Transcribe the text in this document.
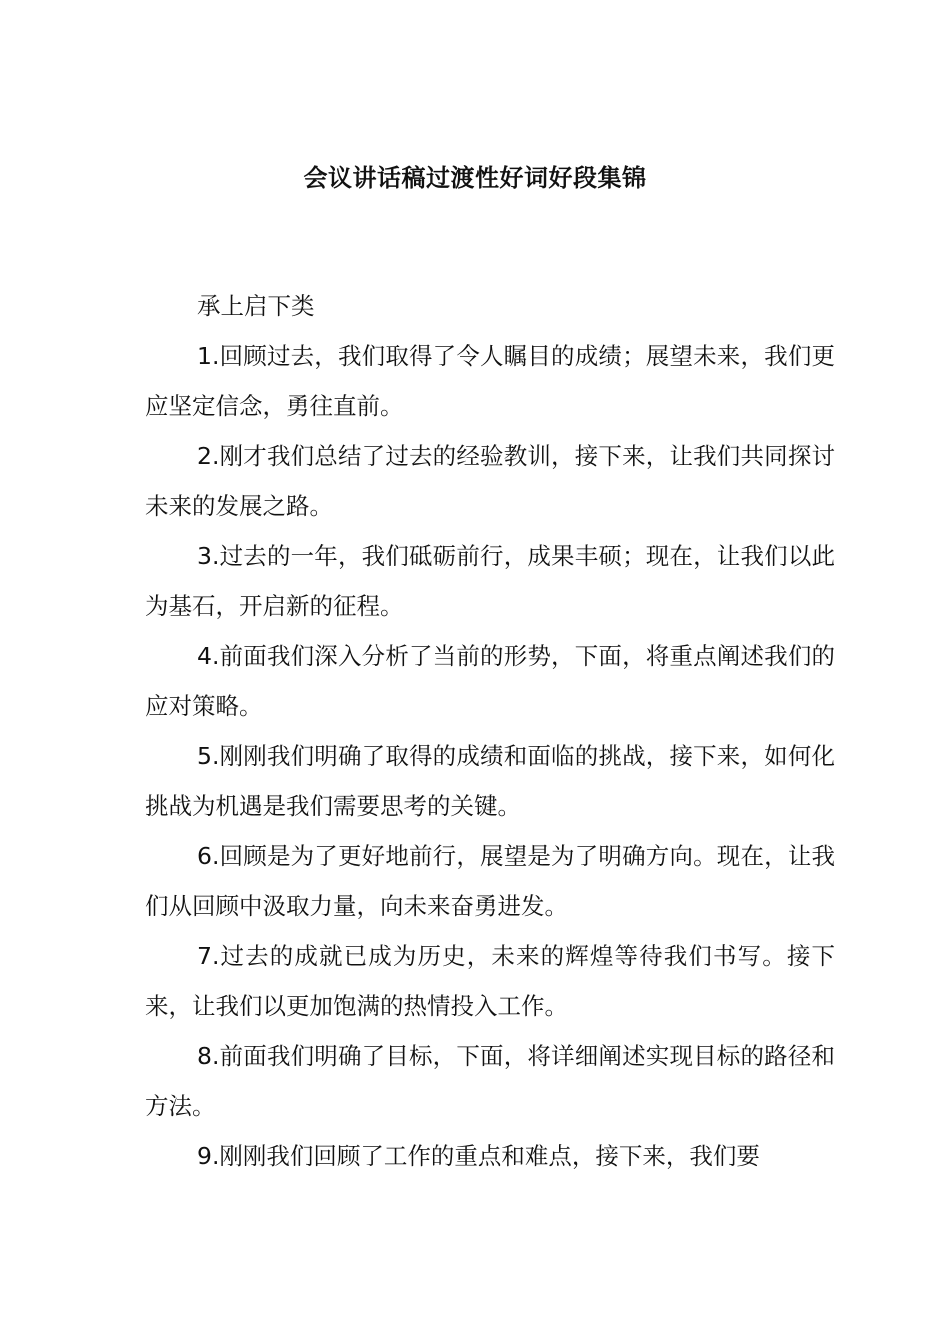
会议讲话稿过渡性好词好段集锦

承上启下类

1.回顾过去，我们取得了令人瞩目的成绩；展望未来，我们更应坚定信念，勇往直前。

2.刚才我们总结了过去的经验教训，接下来，让我们共同探讨未来的发展之路。

3.过去的一年，我们砥砺前行，成果丰硕；现在，让我们以此为基石，开启新的征程。

4.前面我们深入分析了当前的形势，下面，将重点阐述我们的应对策略。

5.刚刚我们明确了取得的成绩和面临的挑战，接下来，如何化挑战为机遇是我们需要思考的关键。

6.回顾是为了更好地前行，展望是为了明确方向。现在，让我们从回顾中汲取力量，向未来奋勇进发。

7.过去的成就已成为历史，未来的辉煌等待我们书写。接下来，让我们以更加饱满的热情投入工作。

8.前面我们明确了目标，下面，将详细阐述实现目标的路径和方法。

9.刚刚我们回顾了工作的重点和难点，接下来，我们要
